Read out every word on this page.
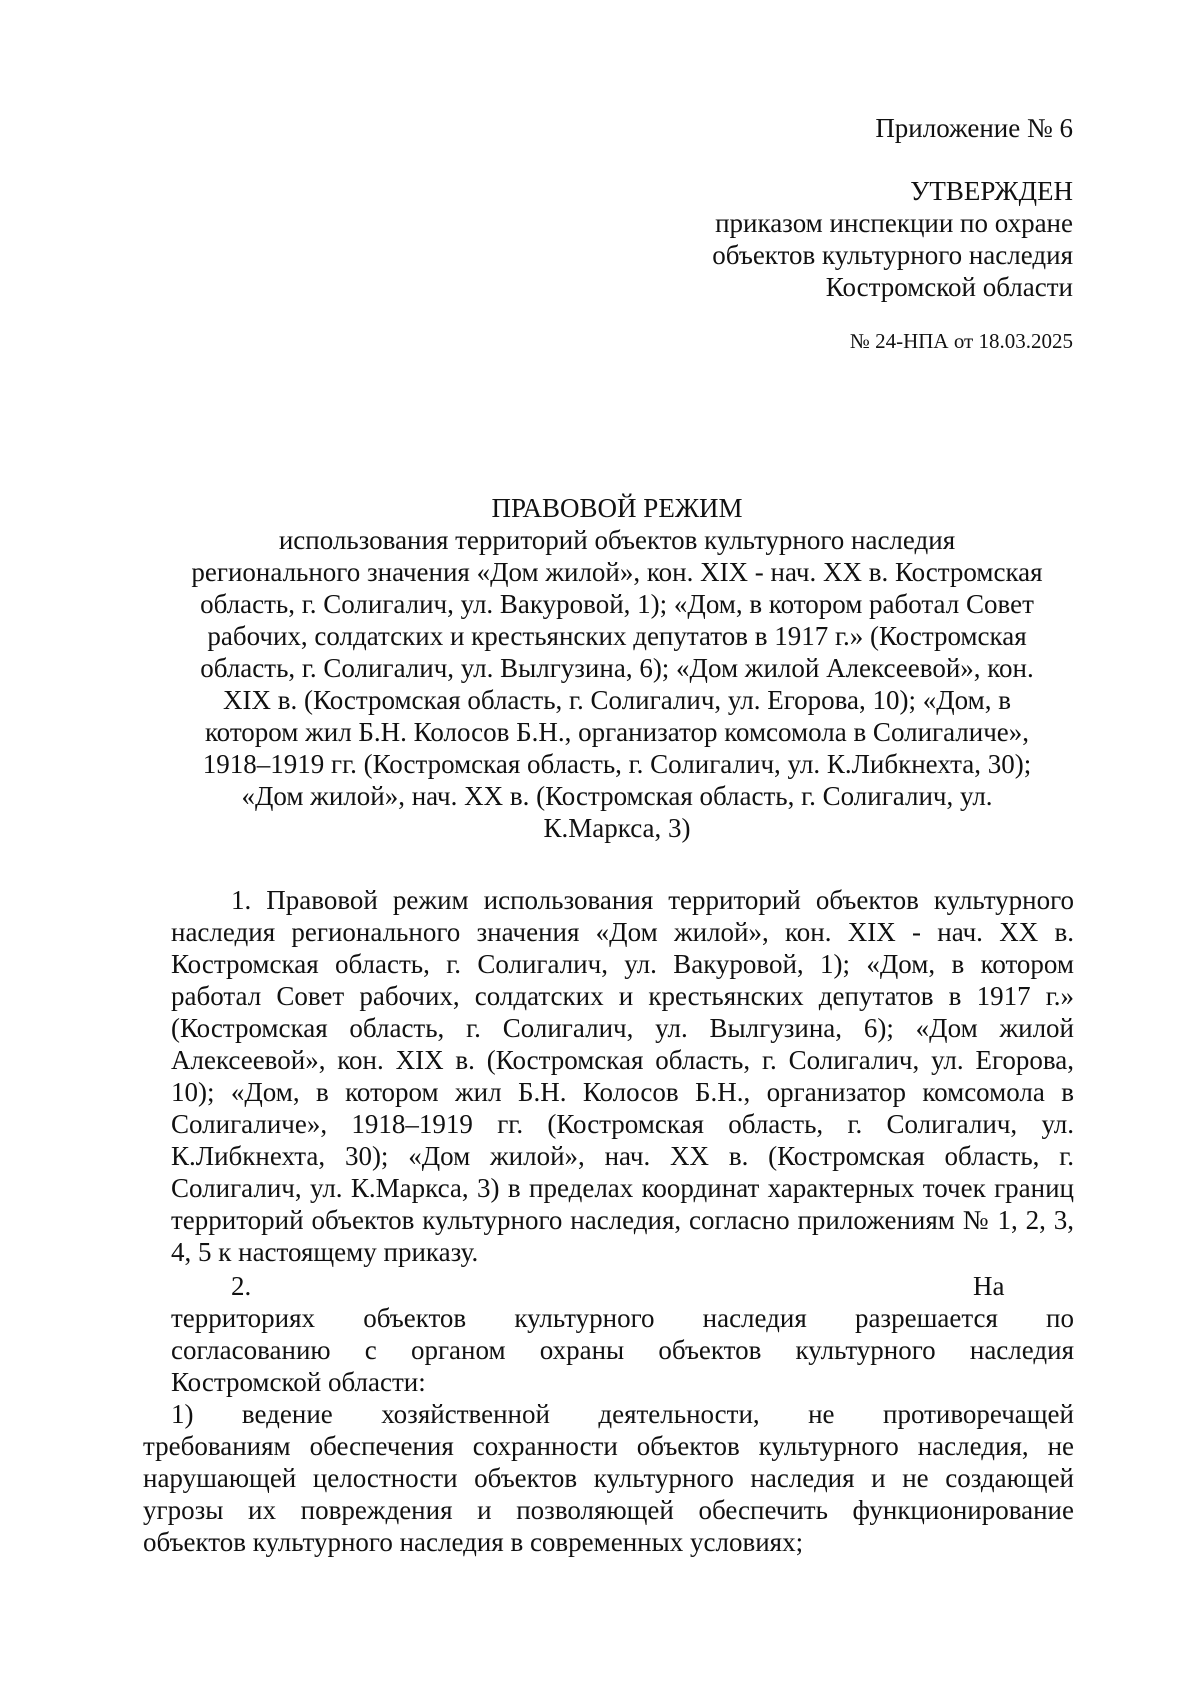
Приложение № 6
УТВЕРЖДЕН
приказом инспекции по охране
объектов культурного наследия
Костромской области
№ 24-НПА от 18.03.2025
ПРАВОВОЙ РЕЖИМ
использования территорий объектов культурного наследия
регионального значения «Дом жилой», кон. XIX - нач. XX в. Костромская
область, г. Солигалич, ул. Вакуровой, 1); «Дом, в котором работал Совет
рабочих, солдатских и крестьянских депутатов в 1917 г.» (Костромская
область, г. Солигалич, ул. Вылгузина, 6); «Дом жилой Алексеевой», кон.
XIX в. (Костромская область, г. Солигалич, ул. Егорова, 10); «Дом, в
котором жил Б.Н. Колосов Б.Н., организатор комсомола в Солигаличе»,
1918–1919 гг. (Костромская область, г. Солигалич, ул. К.Либкнехта, 30);
«Дом жилой», нач. XX в. (Костромская область, г. Солигалич, ул.
К.Маркса, 3)
1. Правовой режим использования территорий объектов культурного наследия регионального значения «Дом жилой», кон. XIX - нач. XX в. Костромская область, г. Солигалич, ул. Вакуровой, 1); «Дом, в котором работал Совет рабочих, солдатских и крестьянских депутатов в 1917 г.» (Костромская область, г. Солигалич, ул. Вылгузина, 6); «Дом жилой Алексеевой», кон. XIX в. (Костромская область, г. Солигалич, ул. Егорова, 10); «Дом, в котором жил Б.Н. Колосов Б.Н., организатор комсомола в Солигаличе», 1918–1919 гг. (Костромская область, г. Солигалич, ул. К.Либкнехта, 30); «Дом жилой», нач. XX в. (Костромская область, г. Солигалич, ул. К.Маркса, 3) в пределах координат характерных точек границ территорий объектов культурного наследия, согласно приложениям № 1, 2, 3, 4, 5 к настоящему приказу.
2.	На
территориях объектов культурного наследия разрешается по
согласованию с органом охраны объектов культурного наследия
Костромской области:
1) ведение хозяйственной деятельности, не противоречащей
требованиям обеспечения сохранности объектов культурного наследия, не
нарушающей целостности объектов культурного наследия и не создающей
угрозы их повреждения и позволяющей обеспечить функционирование
объектов культурного наследия в современных условиях;
